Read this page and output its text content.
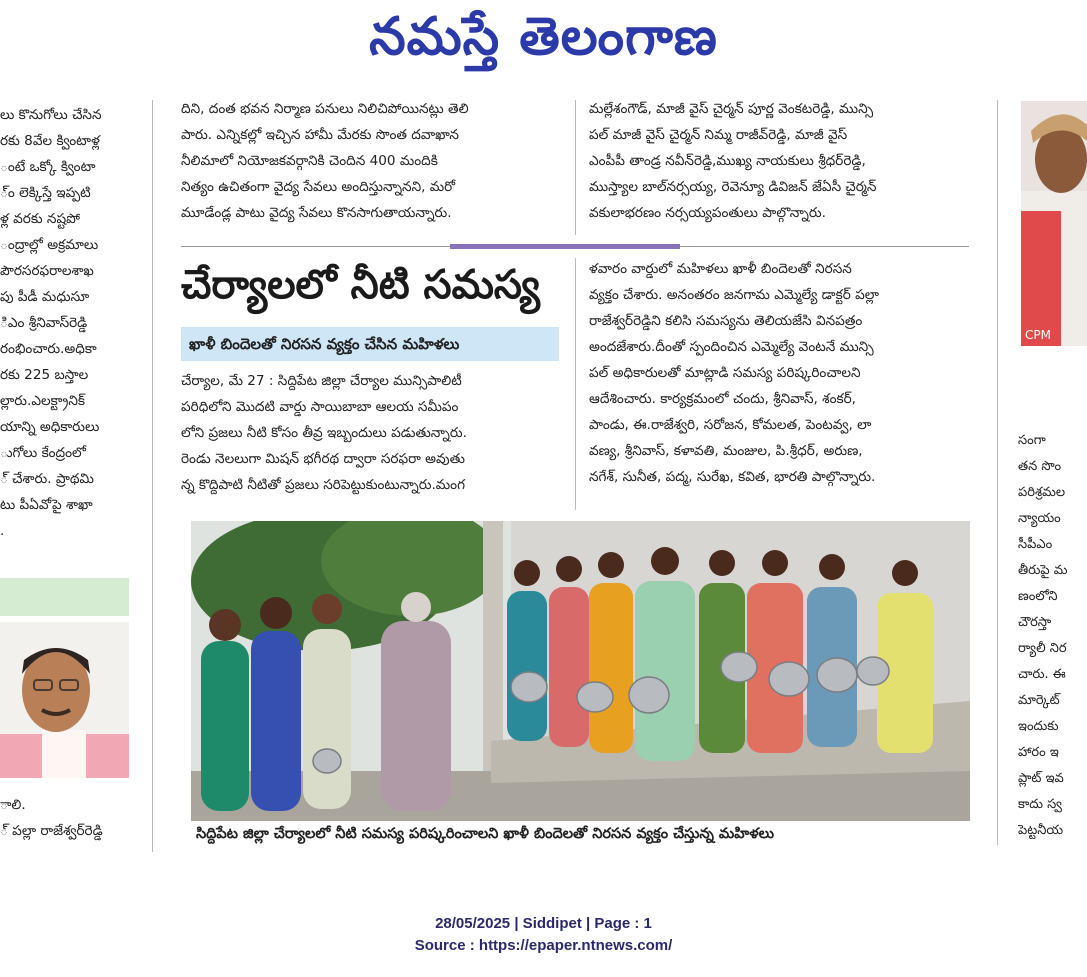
నమస్తే తెలంగాణ

లు కొనుగోలు చేసిన

రకు 8వేల క్వింటాళ్ల

ంటే ఒక్కో క్వింటా

్ం లెక్కిస్తే ఇప్పటి

ళ్ల వరకు నష్టపో

ంద్రాల్లో అక్రమాలు

పౌరసరఫరాలశాఖ

పు పీడీ మధుసూ

ిఎం శ్రీనివాస్‌రెడ్డి

రంభించారు.అధికా

రకు 225 బస్తాల

ల్లారు.ఎలక్ట్రానిక్

యాన్ని అధికారులు

ుగోలు కేంద్రంలో

్ చేశారు. ప్రాథమి

టు పీఏవోపై శాఖా

.

ాలి.

్ పల్లా రాజేశ్వర్‌రెడ్డి

దిని, దంత భవన నిర్మాణ పనులు నిలిచిపోయినట్లు తెలి

పారు. ఎన్నికల్లో ఇచ్చిన హామీ మేరకు సొంత దవాఖాన

నీలిమాలో నియోజకవర్గానికి చెందిన 400 మందికి

నిత్యం ఉచితంగా వైద్య సేవలు అందిస్తున్నానని, మరో

మూడేండ్ల పాటు వైద్య సేవలు కొనసాగుతాయన్నారు.

మల్లేశంగౌడ్, మాజీ వైస్ చైర్మన్ పూర్ణ వెంకటరెడ్డి, మున్సి

పల్ మాజీ వైస్ చైర్మన్ నిమ్మ రాజీవ్‌రెడ్డి, మాజీ వైస్

ఎంపీపీ తాండ్ర నవీన్‌రెడ్డి,ముఖ్య నాయకులు శ్రీధర్‌రెడ్డి,

ముస్త్యాల బాల్‌నర్సయ్య, రెవెన్యూ డివిజన్ జేఏసీ చైర్మన్

వకులాభరణం నర్సయ్యపంతులు పాల్గొన్నారు.

చేర్యాలలో నీటి సమస్య
ఖాళీ బిందెలతో నిరసన వ్యక్తం చేసిన మహిళలు

చేర్యాల, మే 27 : సిద్దిపేట జిల్లా చేర్యాల మున్సిపాలిటీ

పరిధిలోని మొదటి వార్డు సాయిబాబా ఆలయ సమీపం

లోని ప్రజలు నీటి కోసం తీవ్ర ఇబ్బందులు పడుతున్నారు.

రెండు నెలలుగా మిషన్ భగీరథ ద్వారా సరఫరా అవుతు

న్న కొద్దిపాటి నీటితో ప్రజలు సరిపెట్టుకుంటున్నారు.మంగ

ళవారం వార్డులో మహిళలు ఖాళీ బిందెలతో నిరసన

వ్యక్తం చేశారు. అనంతరం జనగామ ఎమ్మెల్యే డాక్టర్ పల్లా

రాజేశ్వర్‌రెడ్డిని కలిసి సమస్యను తెలియజేసి వినపత్రం

అందజేశారు.దీంతో స్పందించిన ఎమ్మెల్యే వెంటనే మున్సి

పల్ అధికారులతో మాట్లాడి సమస్య పరిష్కరించాలని

ఆదేశించారు. కార్యక్రమంలో చందు, శ్రీనివాస్, శంకర్,

పాండు, ఈ.రాజేశ్వరి, సరోజన, కోమలత, పెంటవ్వ, లా

వణ్య, శ్రీనివాస్, కళావతి, మంజుల, పి.శ్రీధర్, అరుణ,

నగేశ్, సునీత, పద్మ, సురేఖ, కవిత, భారతి పాల్గొన్నారు.

సిద్దిపేట జిల్లా చేర్యాలలో నీటి సమస్య పరిష్కరించాలని ఖాళీ బిందెలతో నిరసన వ్యక్తం చేస్తున్న మహిళలు
CPM

సంగా

తన సొం

పరిశ్రమల

న్యాయం

సీపీఎం

తీరుపై మ

ణంలోని

చౌరస్తా

ర్యాలీ నిర

చారు. ఈ

మార్కెట్

ఇందుకు

హారం ఇ

ప్లాట్ ఇవ

కాదు స్వ

పెట్టనీయ

28/05/2025 | Siddipet | Page : 1
Source : https://epaper.ntnews.com/
